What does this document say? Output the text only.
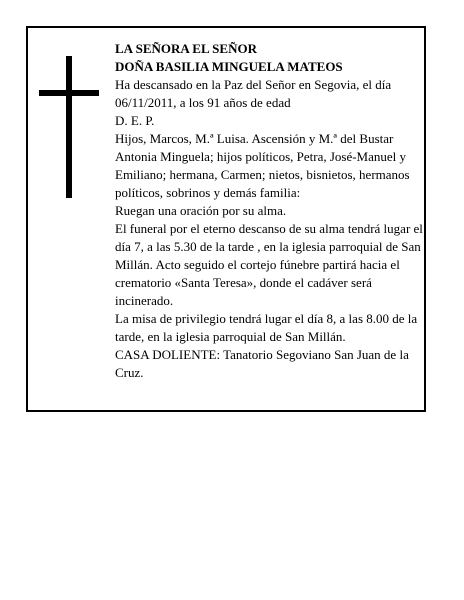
LA SEÑORA EL SEÑOR
DOÑA BASILIA MINGUELA MATEOS
Ha descansado en la Paz del Señor en Segovia, el día 06/11/2011, a los 91 años de edad
D. E. P.
Hijos, Marcos, M.ª Luisa. Ascensión y M.ª del Bustar Antonia Minguela; hijos políticos, Petra, José-Manuel y Emiliano; hermana, Carmen; nietos, bisnietos, hermanos políticos, sobrinos y demás familia:
Ruegan una oración por su alma.
El funeral por el eterno descanso de su alma tendrá lugar el día 7, a las 5.30 de la tarde , en la iglesia parroquial de San Millán. Acto seguido el cortejo fúnebre partirá hacia el crematorio «Santa Teresa», donde el cadáver será incinerado.
La misa de privilegio tendrá lugar el día 8, a las 8.00 de la tarde, en la iglesia parroquial de San Millán.
CASA DOLIENTE: Tanatorio Segoviano San Juan de la Cruz.
